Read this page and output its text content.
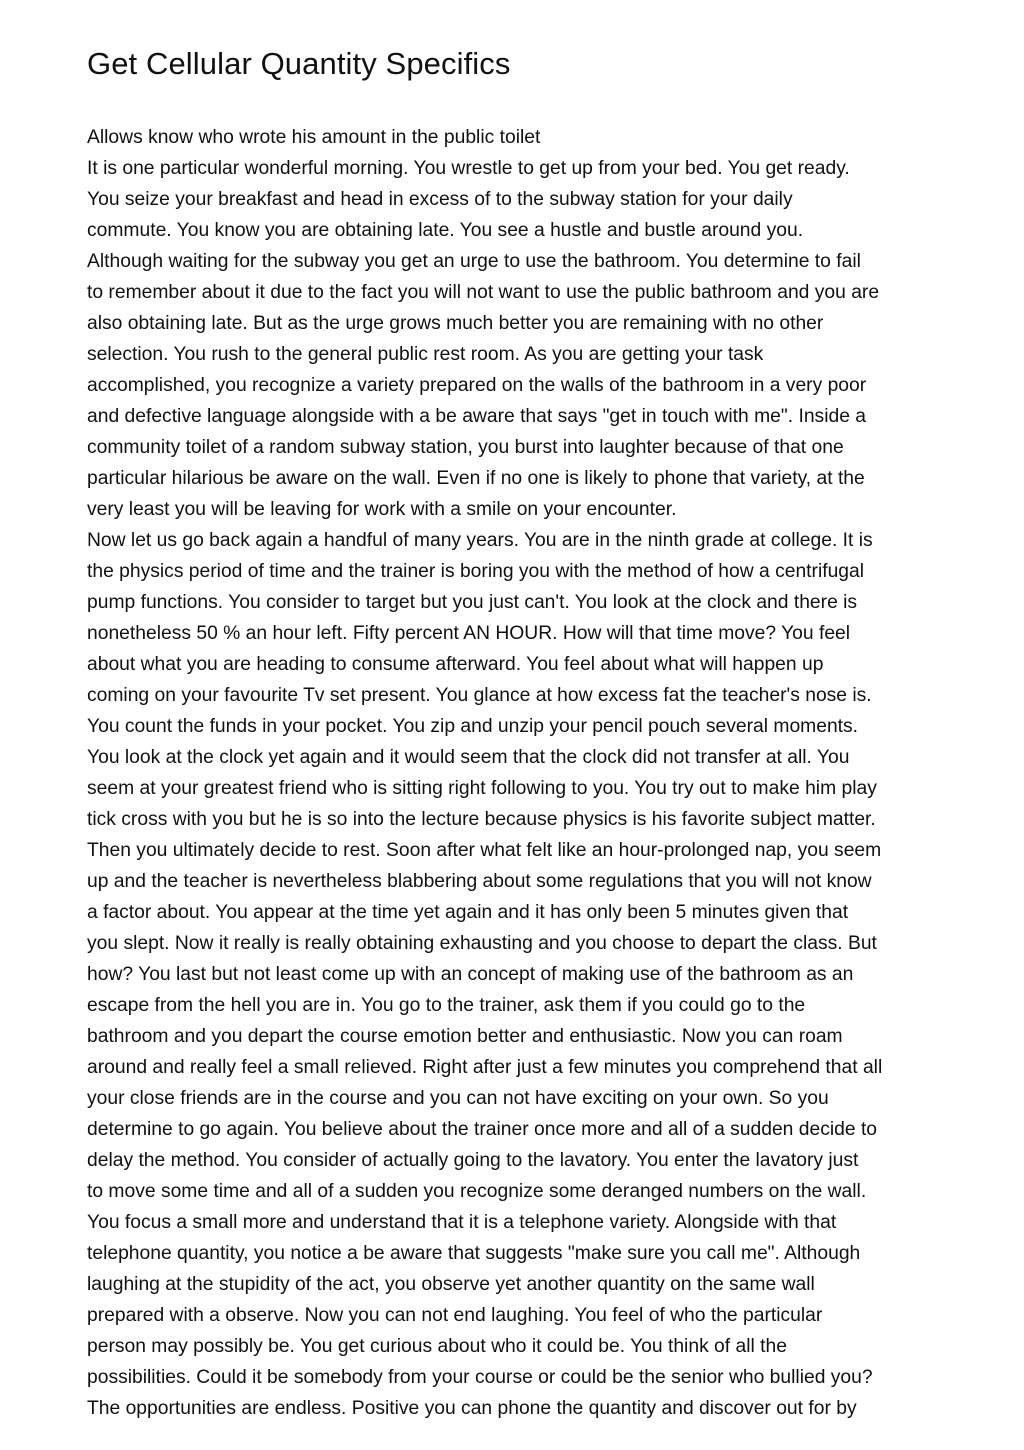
Get Cellular Quantity Specifics
Allows know who wrote his amount in the public toilet
It is one particular wonderful morning. You wrestle to get up from your bed. You get ready.
You seize your breakfast and head in excess of to the subway station for your daily
commute. You know you are obtaining late. You see a hustle and bustle around you.
Although waiting for the subway you get an urge to use the bathroom. You determine to fail
to remember about it due to the fact you will not want to use the public bathroom and you are
also obtaining late. But as the urge grows much better you are remaining with no other
selection. You rush to the general public rest room. As you are getting your task
accomplished, you recognize a variety prepared on the walls of the bathroom in a very poor
and defective language alongside with a be aware that says "get in touch with me". Inside a
community toilet of a random subway station, you burst into laughter because of that one
particular hilarious be aware on the wall. Even if no one is likely to phone that variety, at the
very least you will be leaving for work with a smile on your encounter.
Now let us go back again a handful of many years. You are in the ninth grade at college. It is
the physics period of time and the trainer is boring you with the method of how a centrifugal
pump functions. You consider to target but you just can't. You look at the clock and there is
nonetheless 50 % an hour left. Fifty percent AN HOUR. How will that time move? You feel
about what you are heading to consume afterward. You feel about what will happen up
coming on your favourite Tv set present. You glance at how excess fat the teacher's nose is.
You count the funds in your pocket. You zip and unzip your pencil pouch several moments.
You look at the clock yet again and it would seem that the clock did not transfer at all. You
seem at your greatest friend who is sitting right following to you. You try out to make him play
tick cross with you but he is so into the lecture because physics is his favorite subject matter.
Then you ultimately decide to rest. Soon after what felt like an hour-prolonged nap, you seem
up and the teacher is nevertheless blabbering about some regulations that you will not know
a factor about. You appear at the time yet again and it has only been 5 minutes given that
you slept. Now it really is really obtaining exhausting and you choose to depart the class. But
how? You last but not least come up with an concept of making use of the bathroom as an
escape from the hell you are in. You go to the trainer, ask them if you could go to the
bathroom and you depart the course emotion better and enthusiastic. Now you can roam
around and really feel a small relieved. Right after just a few minutes you comprehend that all
your close friends are in the course and you can not have exciting on your own. So you
determine to go again. You believe about the trainer once more and all of a sudden decide to
delay the method. You consider of actually going to the lavatory. You enter the lavatory just
to move some time and all of a sudden you recognize some deranged numbers on the wall.
You focus a small more and understand that it is a telephone variety. Alongside with that
telephone quantity, you notice a be aware that suggests "make sure you call me". Although
laughing at the stupidity of the act, you observe yet another quantity on the same wall
prepared with a observe. Now you can not end laughing. You feel of who the particular
person may possibly be. You get curious about who it could be. You think of all the
possibilities. Could it be somebody from your course or could be the senior who bullied you?
The opportunities are endless. Positive you can phone the quantity and discover out for by
